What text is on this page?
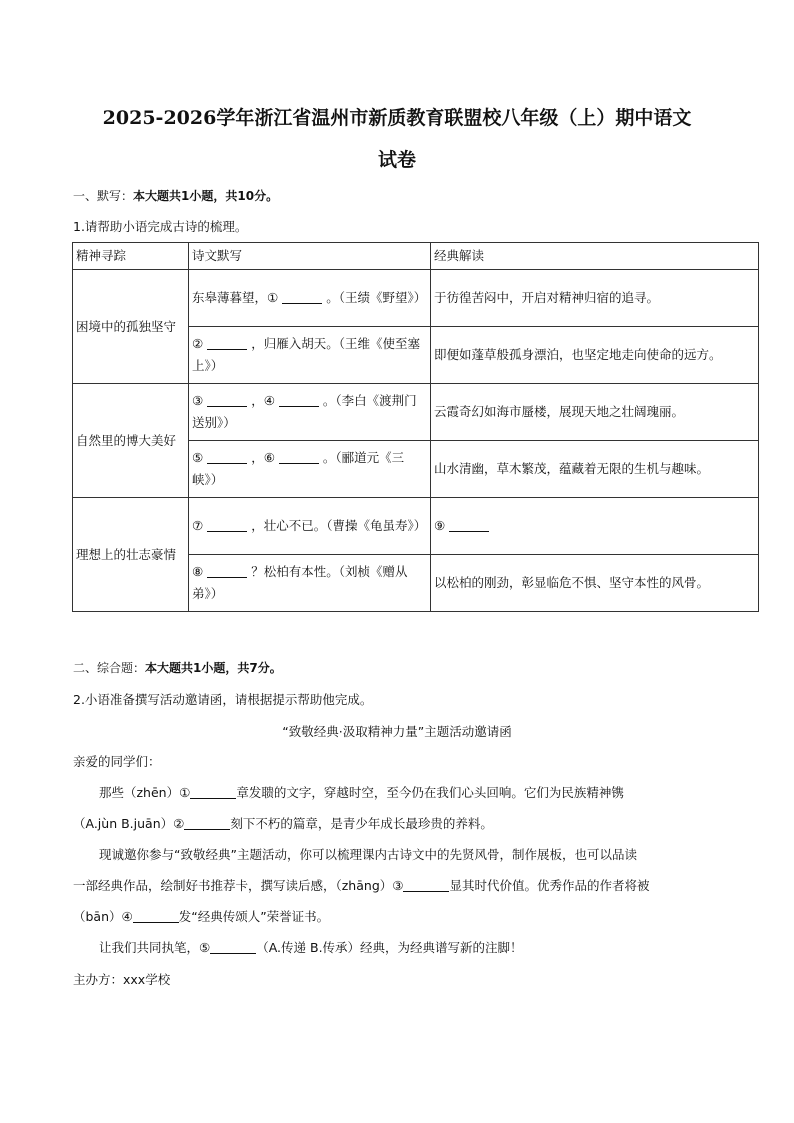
2025-2026学年浙江省温州市新质教育联盟校八年级（上）期中语文
试卷
一、默写：本大题共1小题，共10分。
1.请帮助小语完成古诗的梳理。
精神寻踪	诗文默写	经典解读
困境中的孤独坚守	东皋薄暮望，① 。（王绩《野望》）	于彷徨苦闷中，开启对精神归宿的追寻。
	② ，归雁入胡天。（王维《使至塞上》）	即便如蓬草般孤身漂泊，也坚定地走向使命的远方。
自然里的博大美好	③ ，④ 。（李白《渡荆门送别》）	云霞奇幻如海市蜃楼，展现天地之壮阔瑰丽。
	⑤ ，⑥ 。（郦道元《三峡》）	山水清幽，草木繁茂，蕴藏着无限的生机与趣味。
理想上的壮志豪情	⑦ ，壮心不已。（曹操《龟虽寿》）	⑨
	⑧ ？松柏有本性。（刘桢《赠从弟》）	以松柏的刚劲，彰显临危不惧、坚守本性的风骨。
二、综合题：本大题共1小题，共7分。
2.小语准备撰写活动邀请函，请根据提示帮助他完成。
“致敬经典·汲取精神力量”主题活动邀请函
亲爱的同学们：
那些（zhēn）①	章发聩的文字，穿越时空，至今仍在我们心头回响。它们为民族精神镌
（A.jùn B.juān）②	刻下不朽的篇章，是青少年成长最珍贵的养料。
现诚邀你参与“致敬经典”主题活动，你可以梳理课内古诗文中的先贤风骨，制作展板，也可以品读
一部经典作品，绘制好书推荐卡，撰写读后感，（zhāng）③	显其时代价值。优秀作品的作者将被
（bān）④	发“经典传颂人”荣誉证书。
让我们共同执笔，⑤	（A.传递 B.传承）经典，为经典谱写新的注脚！
主办方：xxx学校
